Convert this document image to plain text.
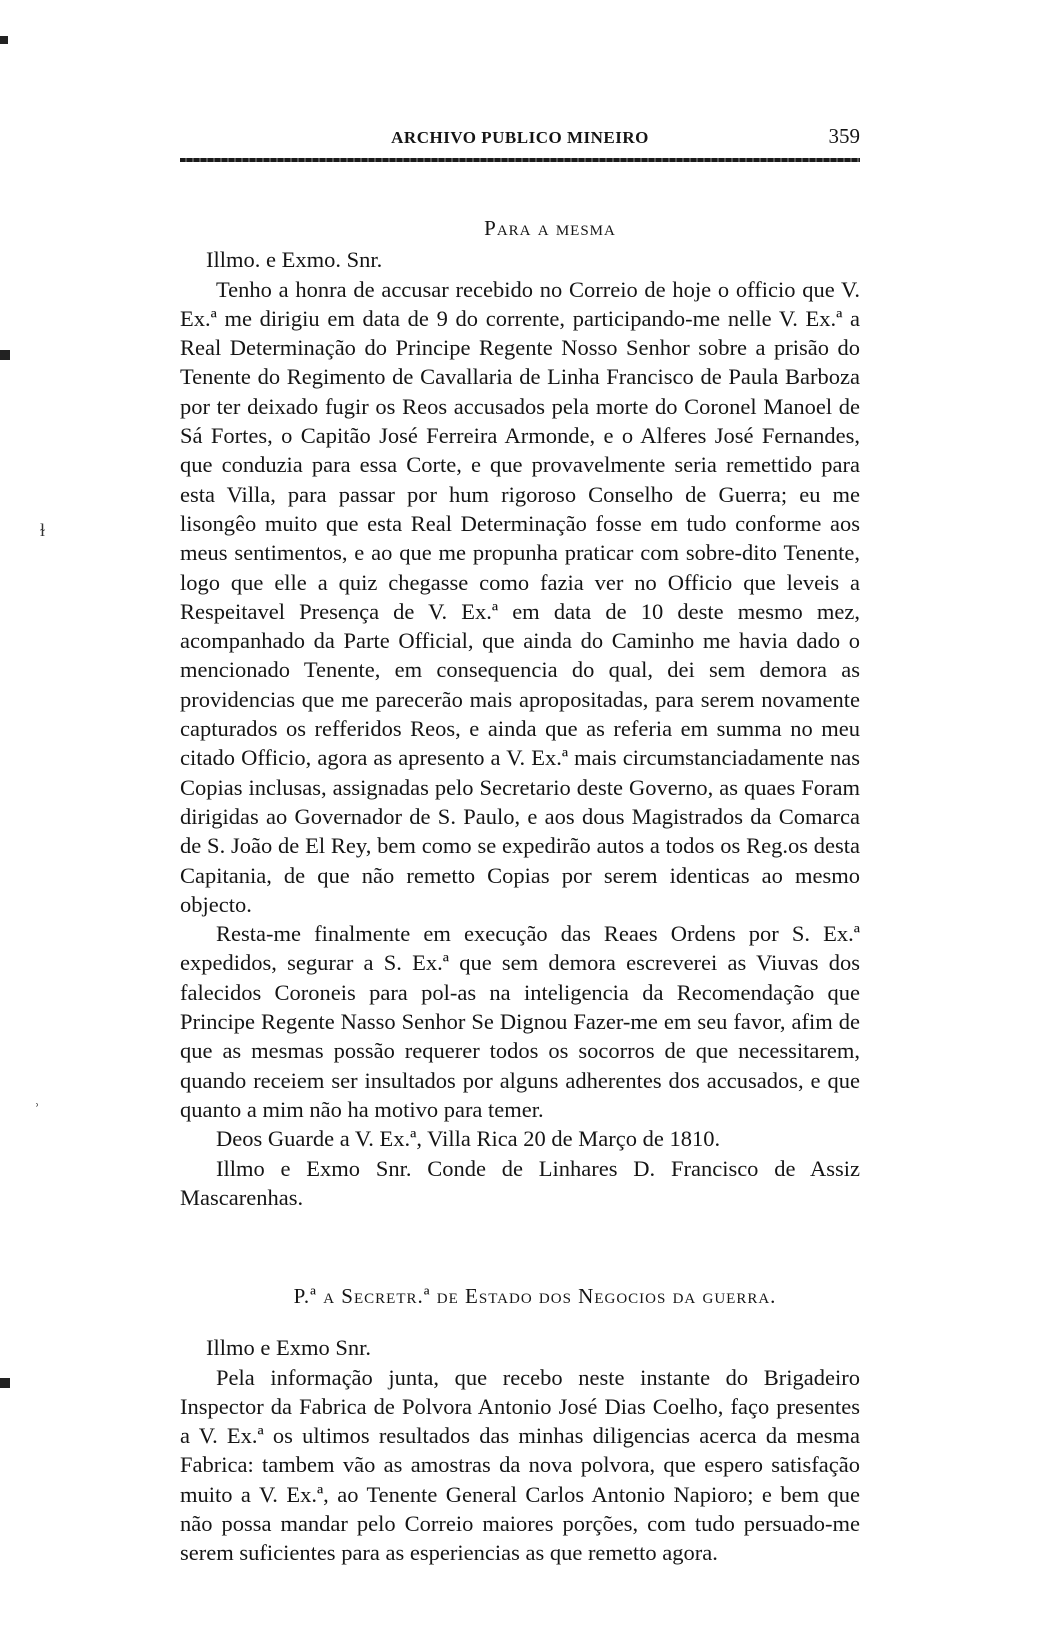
ɫ
ʾ
ARCHIVO PUBLICO MINEIRO	359
Para a mesma

Illmo. e Exmo. Snr.

Tenho a honra de accusar recebido no Correio de hoje o officio que V. Ex.ª me dirigiu em data de 9 do corrente, participando-me nelle V. Ex.ª a Real Determinação do Principe Regente Nosso Senhor sobre a prisão do Tenente do Regimento de Cavallaria de Linha Francisco de Paula Barboza por ter deixado fugir os Reos accusados pela morte do Coronel Manoel de Sá Fortes, o Capitão José Ferreira Armonde, e o Alferes José Fernandes, que conduzia para essa Corte, e que provavelmente seria remettido para esta Villa, para passar por hum rigoroso Conselho de Guerra; eu me lisongêo muito que esta Real Determinação fosse em tudo conforme aos meus sentimentos, e ao que me propunha praticar com sobre-dito Tenente, logo que elle a quiz chegasse como fazia ver no Officio que leveis a Respeitavel Presença de V. Ex.ª em data de 10 deste mesmo mez, acompanhado da Parte Official, que ainda do Caminho me havia dado o mencionado Tenente, em consequencia do qual, dei sem demora as providencias que me parecerão mais apropositadas, para serem novamente capturados os refferidos Reos, e ainda que as referia em summa no meu citado Officio, agora as apresento a V. Ex.ª mais circumstanciadamente nas Copias inclusas, assignadas pelo Secretario deste Governo, as quaes Foram dirigidas ao Governador de S. Paulo, e aos dous Magistrados da Comarca de S. João de El Rey, bem como se expedirão autos a todos os Reg.os desta Capitania, de que não remetto Copias por serem identicas ao mesmo objecto.

Resta-me finalmente em execução das Reaes Ordens por S. Ex.ª expedidos, segurar a S. Ex.ª que sem demora escreverei as Viuvas dos falecidos Coroneis para pol-as na inteligencia da Recomendação que Principe Regente Nasso Senhor Se Dignou Fazer-me em seu favor, afim de que as mesmas possão requerer todos os socorros de que necessitarem, quando receiem ser insultados por alguns adherentes dos accusados, e que quanto a mim não ha motivo para temer.

Deos Guarde a V. Ex.ª, Villa Rica 20 de Março de 1810.

Illmo e Exmo Snr. Conde de Linhares D. Francisco de Assiz Mascarenhas.

P.ª a Secretr.ª de Estado dos Negocios da guerra.

Illmo e Exmo Snr.

Pela informação junta, que recebo neste instante do Brigadeiro Inspector da Fabrica de Polvora Antonio José Dias Coelho, faço presentes a V. Ex.ª os ultimos resultados das minhas diligencias acerca da mesma Fabrica: tambem vão as amostras da nova polvora, que espero satisfação muito a V. Ex.ª, ao Tenente General Carlos Antonio Napioro; e bem que não possa mandar pelo Correio maiores porções, com tudo persuado-me serem suficientes para as esperiencias as que remetto agora.
